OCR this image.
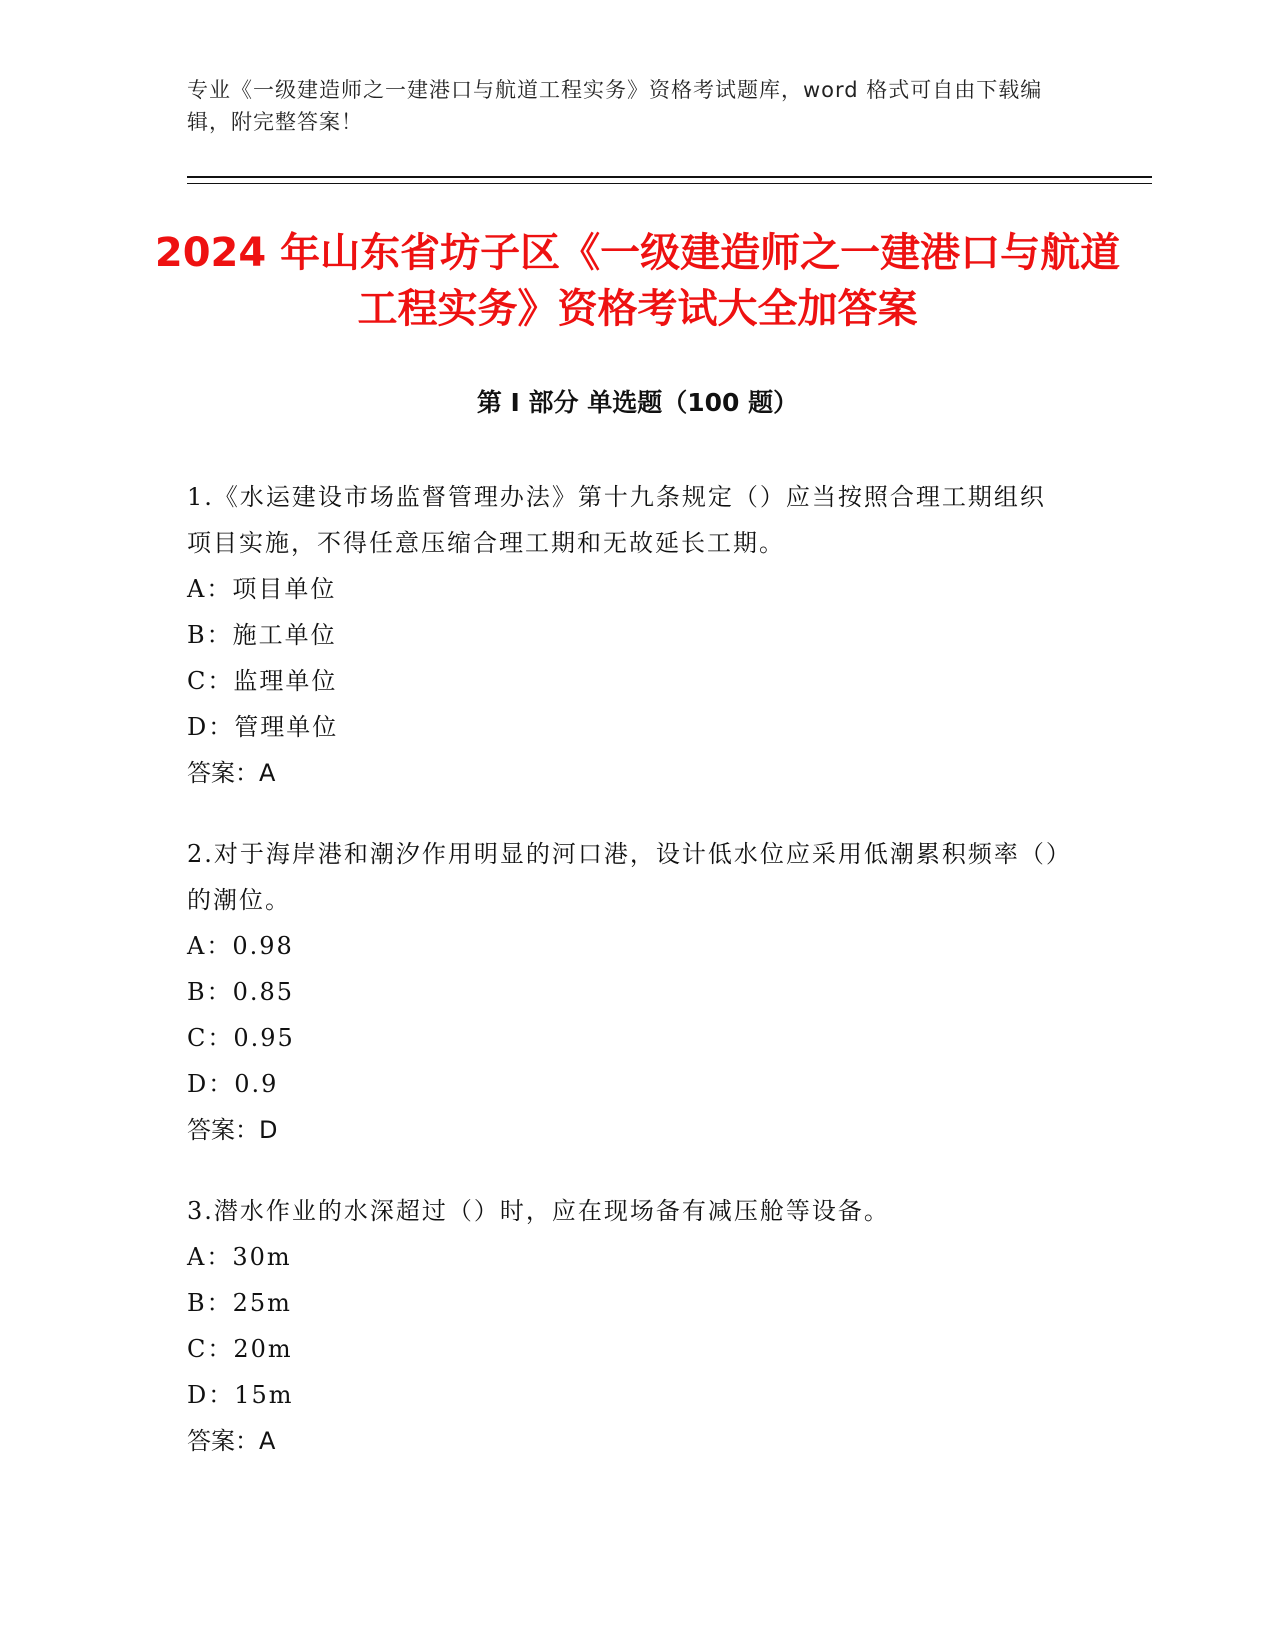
专业《一级建造师之一建港口与航道工程实务》资格考试题库，word 格式可自由下载编辑，附完整答案！
2024 年山东省坊子区《一级建造师之一建港口与航道工程实务》资格考试大全加答案
第 I 部分 单选题（100 题）
1.《水运建设市场监督管理办法》第十九条规定（）应当按照合理工期组织项目实施，不得任意压缩合理工期和无故延长工期。
A：项目单位
B：施工单位
C：监理单位
D：管理单位
答案：A
2.对于海岸港和潮汐作用明显的河口港，设计低水位应采用低潮累积频率（）的潮位。
A：0.98
B：0.85
C：0.95
D：0.9
答案：D
3.潜水作业的水深超过（）时，应在现场备有减压舱等设备。
A：30m
B：25m
C：20m
D：15m
答案：A
